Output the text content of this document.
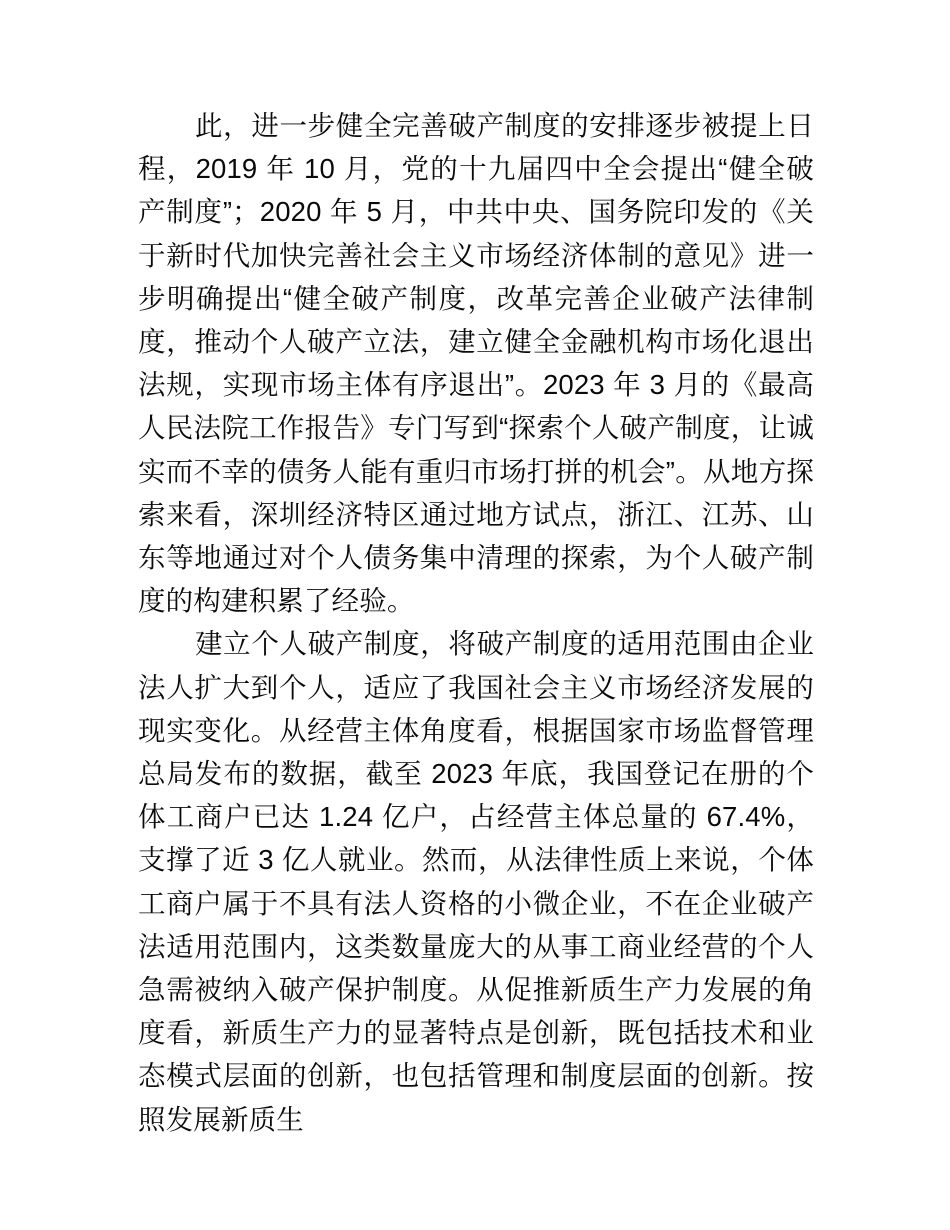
此，进一步健全完善破产制度的安排逐步被提上日程，2019 年 10 月，党的十九届四中全会提出“健全破产制度”；2020 年 5 月，中共中央、国务院印发的《关于新时代加快完善社会主义市场经济体制的意见》进一步明确提出“健全破产制度，改革完善企业破产法律制度，推动个人破产立法，建立健全金融机构市场化退出法规，实现市场主体有序退出”。2023 年 3 月的《最高人民法院工作报告》专门写到“探索个人破产制度，让诚实而不幸的债务人能有重归市场打拼的机会”。从地方探索来看，深圳经济特区通过地方试点，浙江、江苏、山东等地通过对个人债务集中清理的探索，为个人破产制度的构建积累了经验。

建立个人破产制度，将破产制度的适用范围由企业法人扩大到个人，适应了我国社会主义市场经济发展的现实变化。从经营主体角度看，根据国家市场监督管理总局发布的数据，截至 2023 年底，我国登记在册的个体工商户已达 1.24 亿户，占经营主体总量的 67.4%，支撑了近 3 亿人就业。然而，从法律性质上来说，个体工商户属于不具有法人资格的小微企业，不在企业破产法适用范围内，这类数量庞大的从事工商业经营的个人急需被纳入破产保护制度。从促推新质生产力发展的角度看，新质生产力的显著特点是创新，既包括技术和业态模式层面的创新，也包括管理和制度层面的创新。按照发展新质生
